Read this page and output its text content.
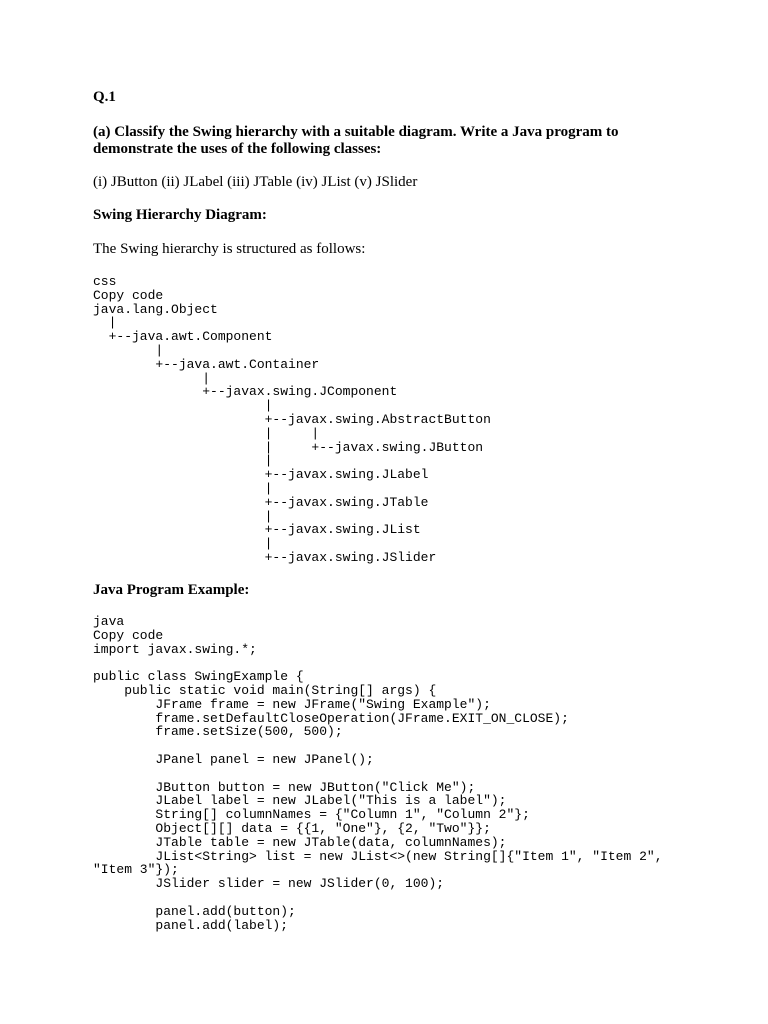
Q.1
(a) Classify the Swing hierarchy with a suitable diagram. Write a Java program to demonstrate the uses of the following classes:
(i) JButton (ii) JLabel (iii) JTable (iv) JList (v) JSlider
Swing Hierarchy Diagram:
The Swing hierarchy is structured as follows:
css
Copy code
java.lang.Object
|
+--java.awt.Component
|
+--java.awt.Container
|
+--javax.swing.JComponent
|
+--javax.swing.AbstractButton
|     |
|     +--javax.swing.JButton
|
+--javax.swing.JLabel
|
+--javax.swing.JTable
|
+--javax.swing.JList
|
+--javax.swing.JSlider
Java Program Example:
java
Copy code
import javax.swing.*;

public class SwingExample {
public static void main(String[] args) {
JFrame frame = new JFrame("Swing Example");
frame.setDefaultCloseOperation(JFrame.EXIT_ON_CLOSE);
frame.setSize(500, 500);

JPanel panel = new JPanel();

JButton button = new JButton("Click Me");
JLabel label = new JLabel("This is a label");
String[] columnNames = {"Column 1", "Column 2"};
Object[][] data = {{1, "One"}, {2, "Two"}};
JTable table = new JTable(data, columnNames);
JList<String> list = new JList<>(new String[]{"Item 1", "Item 2",
"Item 3"});
JSlider slider = new JSlider(0, 100);

panel.add(button);
panel.add(label);
